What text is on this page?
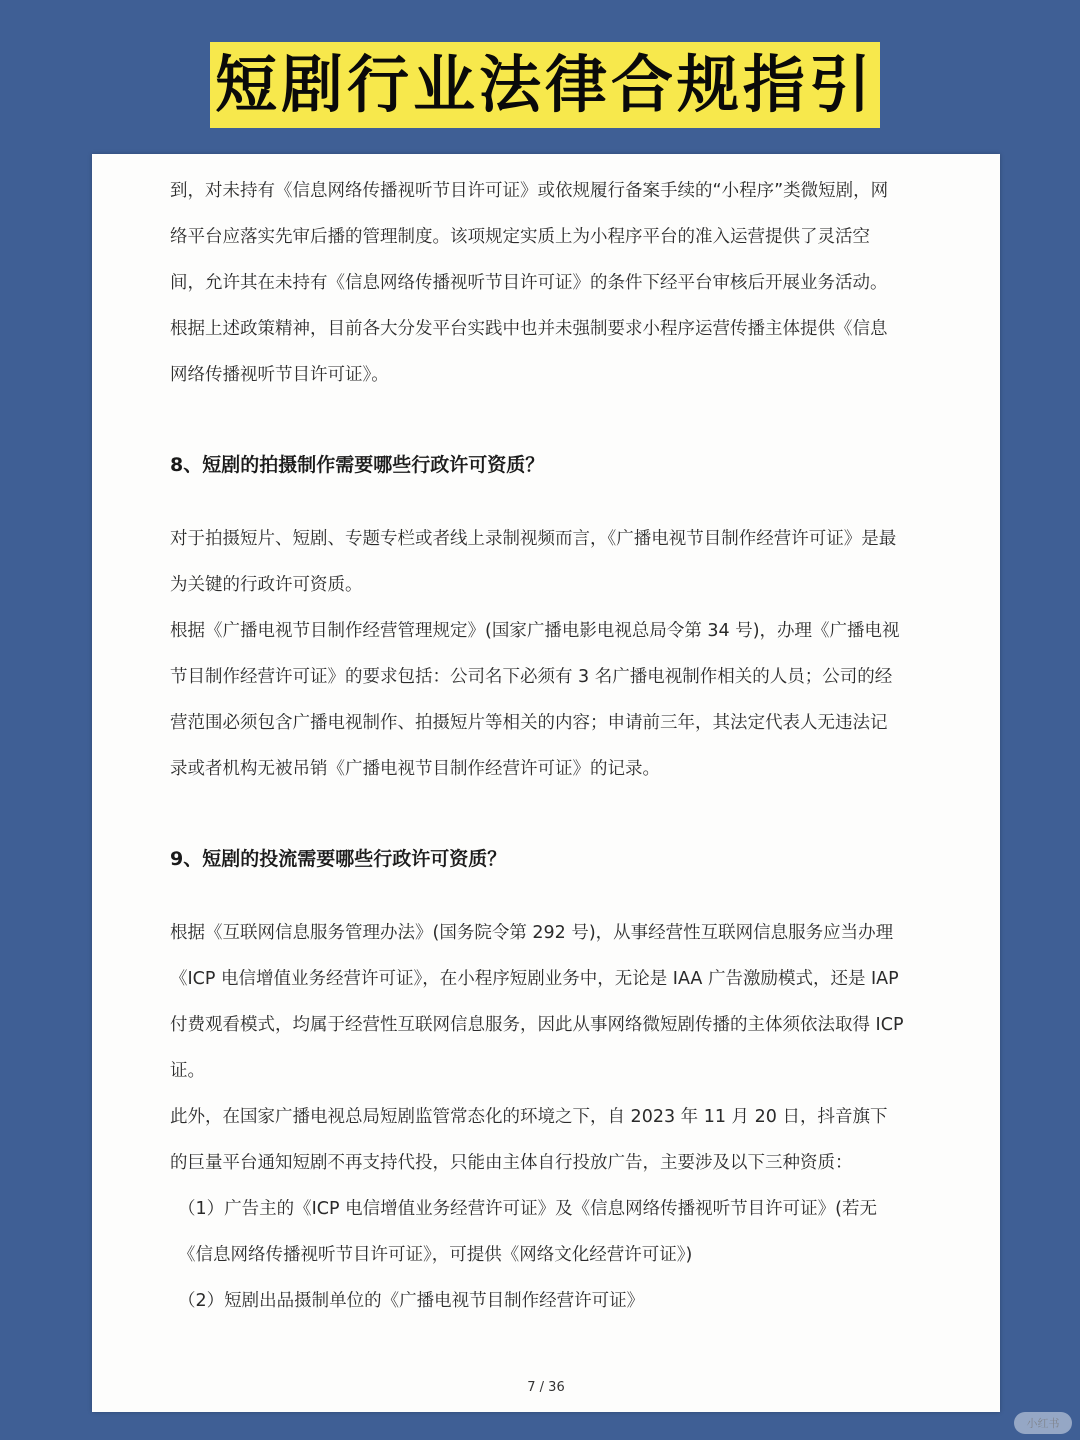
短剧行业法律合规指引

到，对未持有《信息网络传播视听节目许可证》或依规履行备案手续的“小程序”类微短剧，网络平台应落实先审后播的管理制度。该项规定实质上为小程序平台的准入运营提供了灵活空间，允许其在未持有《信息网络传播视听节目许可证》的条件下经平台审核后开展业务活动。

根据上述政策精神，目前各大分发平台实践中也并未强制要求小程序运营传播主体提供《信息网络传播视听节目许可证》。

8、短剧的拍摄制作需要哪些行政许可资质？

对于拍摄短片、短剧、专题专栏或者线上录制视频而言，《广播电视节目制作经营许可证》是最为关键的行政许可资质。

根据《广播电视节目制作经营管理规定》(国家广播电影电视总局令第 34 号)，办理《广播电视节目制作经营许可证》的要求包括：公司名下必须有 3 名广播电视制作相关的人员；公司的经营范围必须包含广播电视制作、拍摄短片等相关的内容；申请前三年，其法定代表人无违法记录或者机构无被吊销《广播电视节目制作经营许可证》的记录。

9、短剧的投流需要哪些行政许可资质？

根据《互联网信息服务管理办法》(国务院令第 292 号)，从事经营性互联网信息服务应当办理《ICP 电信增值业务经营许可证》，在小程序短剧业务中，无论是 IAA 广告激励模式，还是 IAP 付费观看模式，均属于经营性互联网信息服务，因此从事网络微短剧传播的主体须依法取得 ICP 证。

此外，在国家广播电视总局短剧监管常态化的环境之下，自 2023 年 11 月 20 日，抖音旗下的巨量平台通知短剧不再支持代投，只能由主体自行投放广告，主要涉及以下三种资质：

（1）广告主的《ICP 电信增值业务经营许可证》及《信息网络传播视听节目许可证》(若无《信息网络传播视听节目许可证》，可提供《网络文化经营许可证》)

（2）短剧出品摄制单位的《广播电视节目制作经营许可证》

7 / 36
小红书
